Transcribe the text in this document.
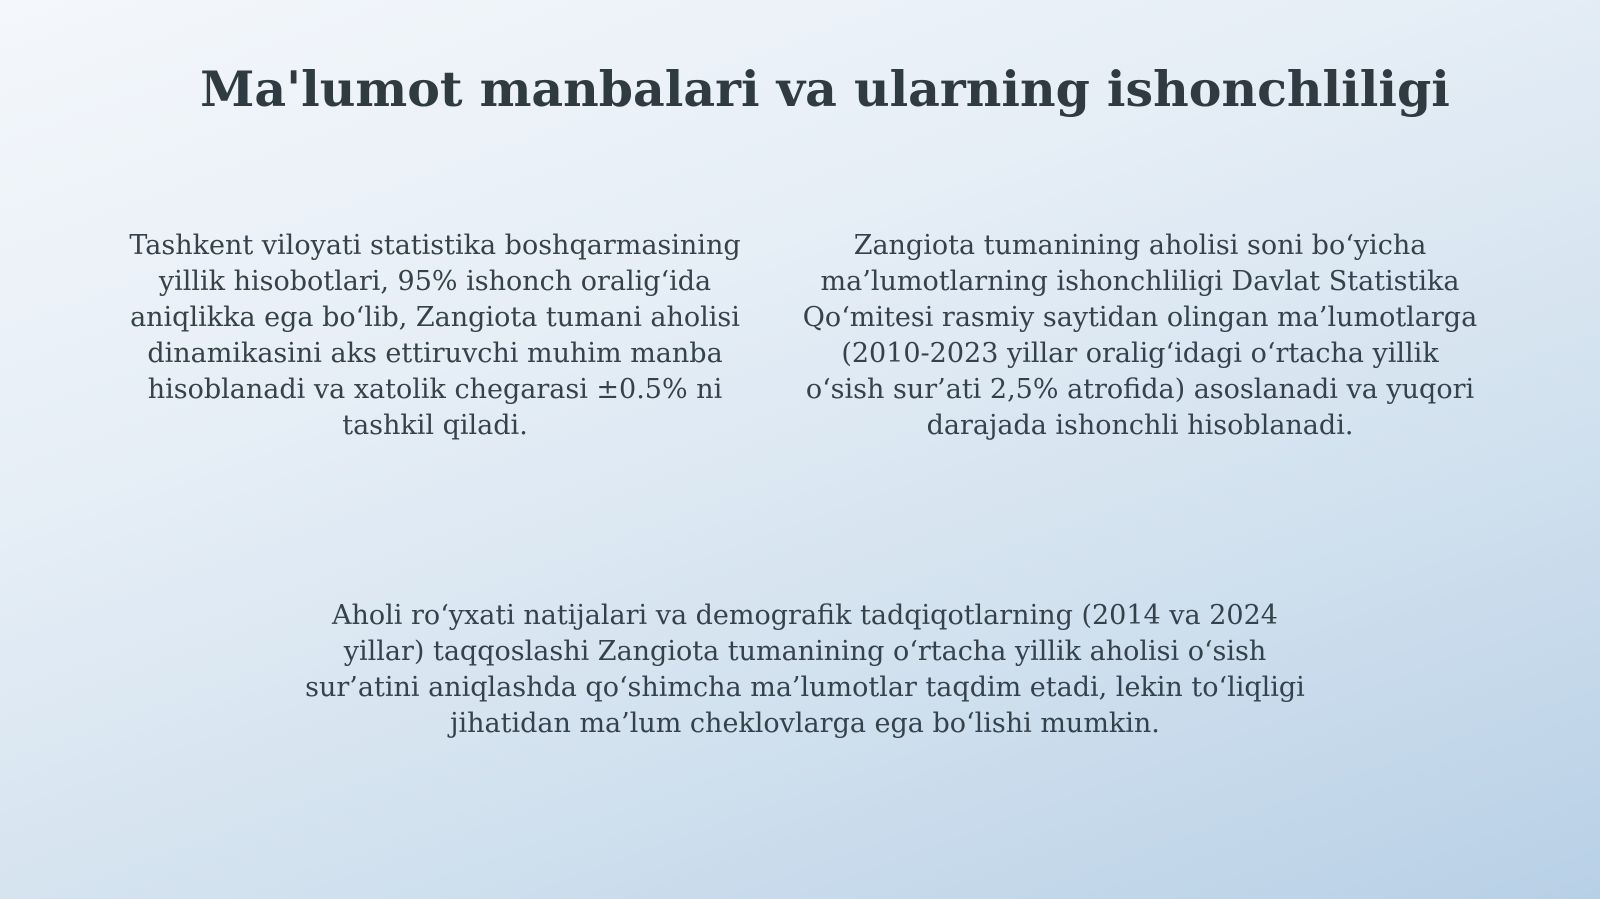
Ma'lumot manbalari va ularning ishonchliligi

Tashkent viloyati statistika boshqarmasining yillik hisobotlari, 95% ishonch oralig‘ida aniqlikka ega bo‘lib, Zangiota tumani aholisi dinamikasini aks ettiruvchi muhim manba hisoblanadi va xatolik chegarasi ±0.5% ni tashkil qiladi.

Zangiota tumanining aholisi soni bo‘yicha ma’lumotlarning ishonchliligi Davlat Statistika Qo‘mitesi rasmiy saytidan olingan ma’lumotlarga (2010-2023 yillar oralig‘idagi o‘rtacha yillik o‘sish sur’ati 2,5% atrofida) asoslanadi va yuqori darajada ishonchli hisoblanadi.

Aholi ro‘yxati natijalari va demografik tadqiqotlarning (2014 va 2024 yillar) taqqoslashi Zangiota tumanining o‘rtacha yillik aholisi o‘sish sur’atini aniqlashda qo‘shimcha ma’lumotlar taqdim etadi, lekin to‘liqligi jihatidan ma’lum cheklovlarga ega bo‘lishi mumkin.
